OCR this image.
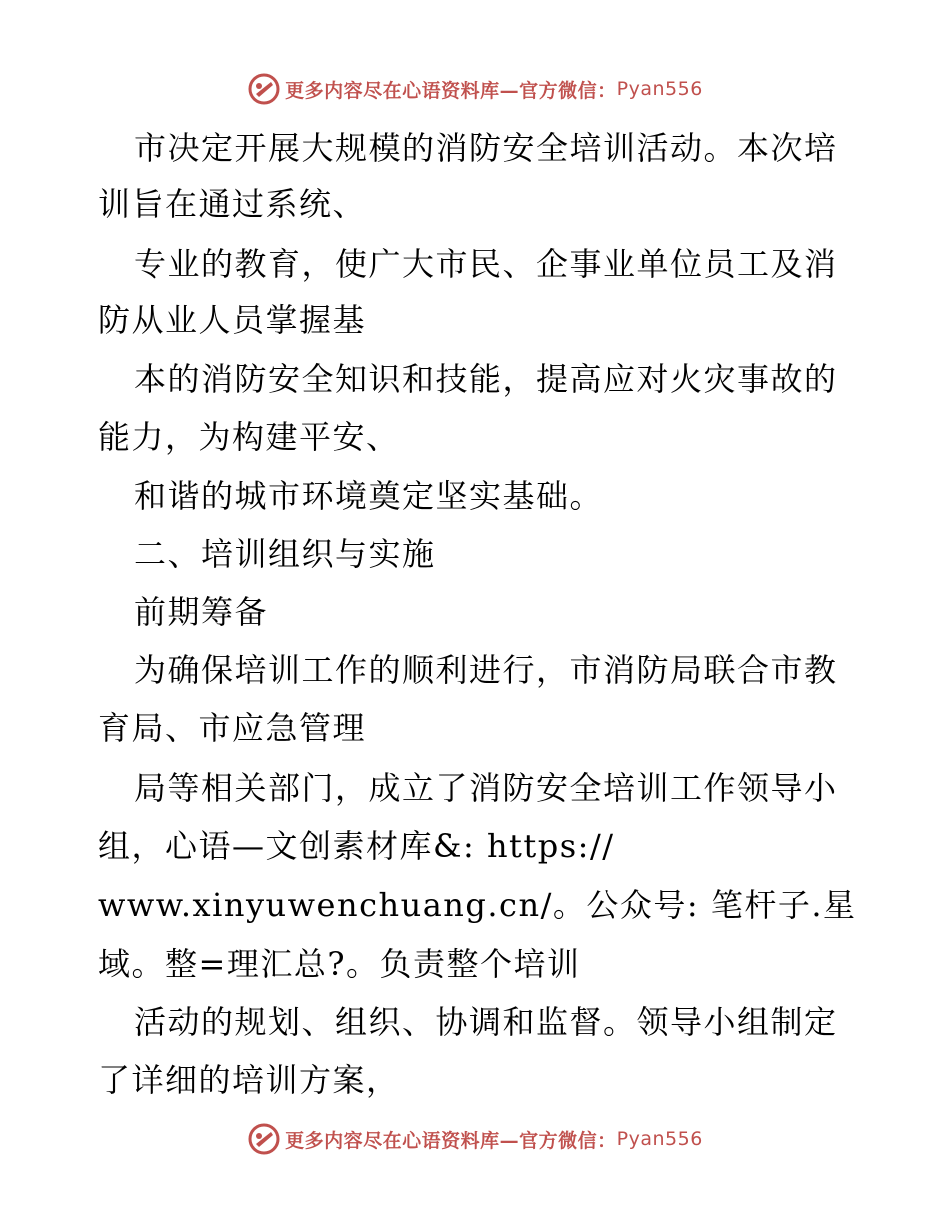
更多内容尽在心语资料库—官方微信： Pyan556
市决定开展大规模的消防安全培训活动。本次培
训旨在通过系统、
专业的教育，使广大市民、企事业单位员工及消
防从业人员掌握基
本的消防安全知识和技能，提高应对火灾事故的
能力，为构建平安、
和谐的城市环境奠定坚实基础。
二、培训组织与实施
前期筹备
为确保培训工作的顺利进行，市消防局联合市教
育局、市应急管理
局等相关部门，成立了消防安全培训工作领导小
组，心语—文创素材库&: https://
www.xinyuwenchuang.cn/。公众号: 笔杆子.星
域。整=理汇总?。负责整个培训
活动的规划、组织、协调和监督。领导小组制定
了详细的培训方案，
更多内容尽在心语资料库—官方微信： Pyan556
